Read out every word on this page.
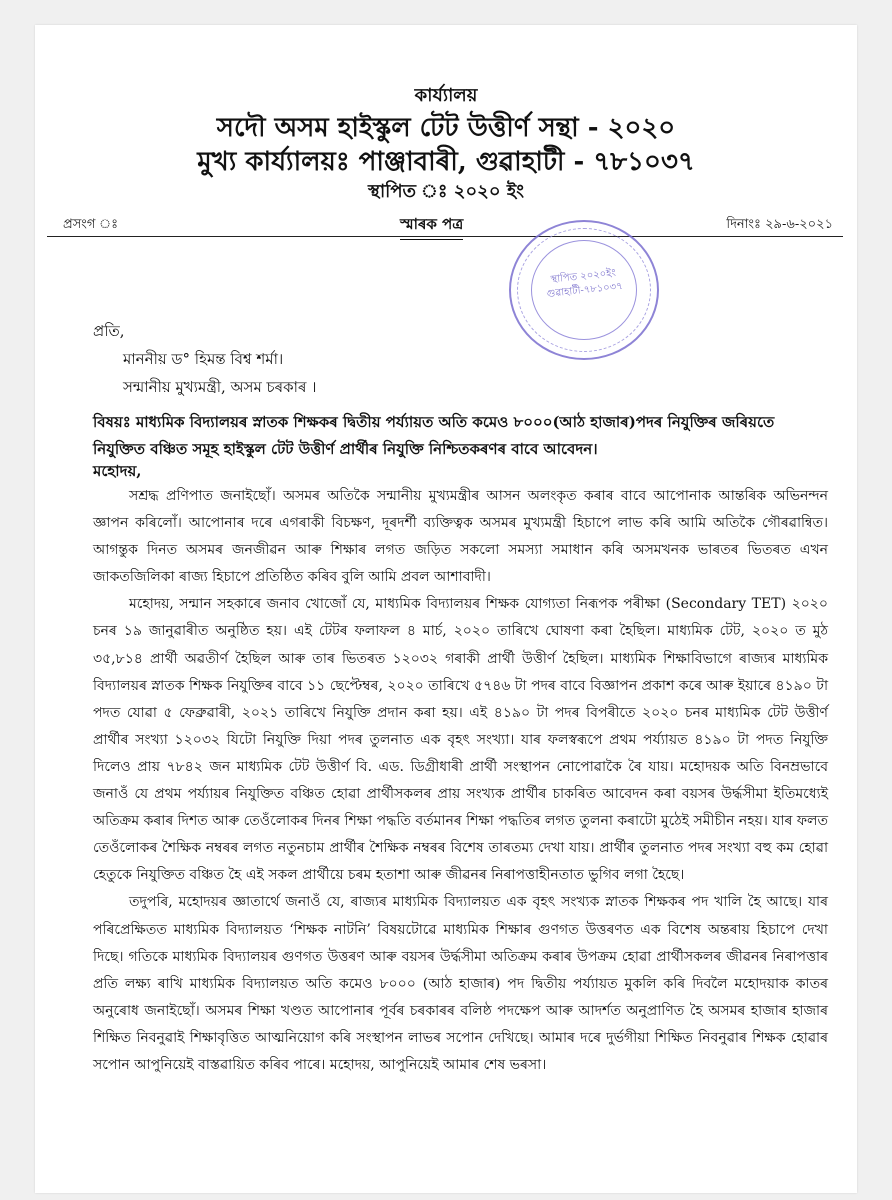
কাৰ্য্যালয়
সদৌ অসম হাইস্কুল টেট উত্তীৰ্ণ সন্থা - ২০২০
মুখ্য কাৰ্য্যালয়ঃ পাঞ্জাবাৰী, গুৱাহাটী - ৭৮১০৩৭
স্থাপিত ঃ ২০২০ ইং
প্ৰসংগ ঃ	স্মাৰক পত্ৰ	দিনাংঃ ২৯-৬-২০২১
স্থাপিত ২০২০ইং গুৱাহাটী-৭৮১০৩৭
প্ৰতি,
মাননীয় ড° হিমন্ত বিশ্ব শৰ্মা।
সন্মানীয় মুখ্যমন্ত্ৰী, অসম চৰকাৰ ।
বিষয়ঃ মাধ্যমিক বিদ্যালয়ৰ স্নাতক শিক্ষকৰ দ্বিতীয় পৰ্য্যায়ত অতি কমেও ৮০০০(আঠ হাজাৰ)পদৰ নিযুক্তিৰ জৰিয়তে নিযুক্তিত বঞ্চিত সমূহ হাইস্কুল টেট উত্তীৰ্ণ প্ৰাৰ্থীৰ নিযুক্তি নিশ্চিতকৰণৰ বাবে আবেদন।
মহোদয়,

সশ্ৰদ্ধ প্ৰণিপাত জনাইছোঁ। অসমৰ অতিকৈ সন্মানীয় মুখ্যমন্ত্ৰীৰ আসন অলংকৃত কৰাৰ বাবে আপোনাক আন্তৰিক অভিনন্দন জ্ঞাপন কৰিলোঁ। আপোনাৰ দৰে এগৰাকী বিচক্ষণ, দূৰদৰ্শী ব্যক্তিত্বক অসমৰ মুখ্যমন্ত্ৰী হিচাপে লাভ কৰি আমি অতিকৈ গৌৰৱান্বিত। আগন্তুক দিনত অসমৰ জনজীৱন আৰু শিক্ষাৰ লগত জড়িত সকলো সমস্যা সমাধান কৰি অসমখনক ভাৰতৰ ভিতৰত এখন জাকতজিলিকা ৰাজ্য হিচাপে প্ৰতিষ্ঠিত কৰিব বুলি আমি প্ৰবল আশাবাদী।

মহোদয়, সন্মান সহকাৰে জনাব খোজোঁ যে, মাধ্যমিক বিদ্যালয়ৰ শিক্ষক যোগ্যতা নিৰূপক পৰীক্ষা (Secondary TET) ২০২০ চনৰ ১৯ জানুৱাৰীত অনুষ্ঠিত হয়। এই টেটৰ ফলাফল ৪ মাৰ্চ, ২০২০ তাৰিখে ঘোষণা কৰা হৈছিল। মাধ্যমিক টেট, ২০২০ ত মুঠ ৩৫,৮১৪ প্ৰাৰ্থী অৱতীৰ্ণ হৈছিল আৰু তাৰ ভিতৰত ১২০৩২ গৰাকী প্ৰাৰ্থী উত্তীৰ্ণ হৈছিল। মাধ্যমিক শিক্ষাবিভাগে ৰাজ্যৰ মাধ্যমিক বিদ্যালয়ৰ স্নাতক শিক্ষক নিযুক্তিৰ বাবে ১১ ছেপ্টেম্বৰ, ২০২০ তাৰিখে ৫৭৪৬ টা পদৰ বাবে বিজ্ঞাপন প্ৰকাশ কৰে আৰু ইয়াৰে ৪১৯০ টা পদত যোৱা ৫ ফেব্ৰুৱাৰী, ২০২১ তাৰিখে নিযুক্তি প্ৰদান কৰা হয়। এই ৪১৯০ টা পদৰ বিপৰীতে ২০২০ চনৰ মাধ্যমিক টেট উত্তীৰ্ণ প্ৰাৰ্থীৰ সংখ্যা ১২০৩২ যিটো নিযুক্তি দিয়া পদৰ তুলনাত এক বৃহৎ সংখ্যা। যাৰ ফলস্বৰূপে প্ৰথম পৰ্য্যায়ত ৪১৯০ টা পদত নিযুক্তি দিলেও প্ৰায় ৭৮৪২ জন মাধ্যমিক টেট উত্তীৰ্ণ বি. এড. ডিগ্ৰীধাৰী প্ৰাৰ্থী সংস্থাপন নোপোৱাকৈ ৰৈ যায়। মহোদয়ক অতি বিনম্ৰভাবে জনাওঁ যে প্ৰথম পৰ্য্যায়ৰ নিযুক্তিত বঞ্চিত হোৱা প্ৰাৰ্থীসকলৰ প্ৰায় সংখ্যক প্ৰাৰ্থীৰ চাকৰিত আবেদন কৰা বয়সৰ উৰ্দ্ধসীমা ইতিমধ্যেই অতিক্ৰম কৰাৰ দিশত আৰু তেওঁলোকৰ দিনৰ শিক্ষা পদ্ধতি বৰ্তমানৰ শিক্ষা পদ্ধতিৰ লগত তুলনা কৰাটো মুঠেই সমীচীন নহয়। যাৰ ফলত তেওঁলোকৰ শৈক্ষিক নম্বৰৰ লগত নতুনচাম প্ৰাৰ্থীৰ শৈক্ষিক নম্বৰৰ বিশেষ তাৰতম্য দেখা যায়। প্ৰাৰ্থীৰ তুলনাত পদৰ সংখ্যা বহু কম হোৱা হেতুকে নিযুক্তিত বঞ্চিত হৈ এই সকল প্ৰাৰ্থীয়ে চৰম হতাশা আৰু জীৱনৰ নিৰাপত্তাহীনতাত ভুগিব লগা হৈছে।

তদুপৰি, মহোদয়ৰ জ্ঞাতাৰ্থে জনাওঁ যে, ৰাজ্যৰ মাধ্যমিক বিদ্যালয়ত এক বৃহৎ সংখ্যক স্নাতক শিক্ষকৰ পদ খালি হৈ আছে। যাৰ পৰিপ্ৰেক্ষিতত মাধ্যমিক বিদ্যালয়ত ‘শিক্ষক নাটনি’ বিষয়টোৱে মাধ্যমিক শিক্ষাৰ গুণগত উত্তৰণত এক বিশেষ অন্তৰায় হিচাপে দেখা দিছে। গতিকে মাধ্যমিক বিদ্যালয়ৰ গুণগত উত্তৰণ আৰু বয়সৰ উৰ্দ্ধসীমা অতিক্ৰম কৰাৰ উপক্ৰম হোৱা প্ৰাৰ্থীসকলৰ জীৱনৰ নিৰাপত্তাৰ প্ৰতি লক্ষ্য ৰাখি মাধ্যমিক বিদ্যালয়ত অতি কমেও ৮০০০ (আঠ হাজাৰ) পদ দ্বিতীয় পৰ্য্যায়ত মুকলি কৰি দিবলৈ মহোদয়াক কাতৰ অনুৰোধ জনাইছোঁ। অসমৰ শিক্ষা খণ্ডত আপোনাৰ পূৰ্বৰ চৰকাৰৰ বলিষ্ঠ পদক্ষেপ আৰু আদৰ্শত অনুপ্ৰাণিত হৈ অসমৰ হাজাৰ হাজাৰ শিক্ষিত নিবনুৱাই শিক্ষাবৃত্তিত আত্মনিয়োগ কৰি সংস্থাপন লাভৰ সপোন দেখিছে। আমাৰ দৰে দুৰ্ভগীয়া শিক্ষিত নিবনুৱাৰ শিক্ষক হোৱাৰ সপোন আপুনিয়েই বাস্তৱায়িত কৰিব পাৰে। মহোদয়, আপুনিয়েই আমাৰ শেষ ভৰসা।
